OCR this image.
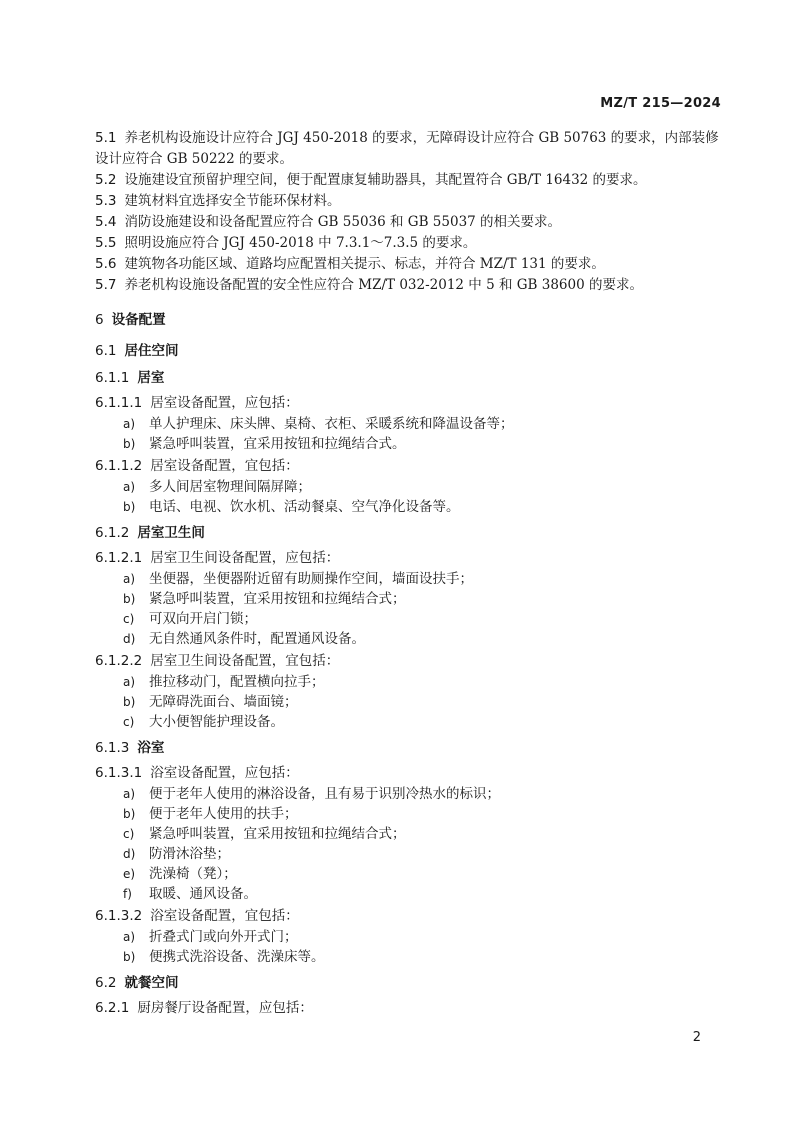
MZ/T 215—2024
5.1 养老机构设施设计应符合 JGJ 450-2018 的要求，无障碍设计应符合 GB 50763 的要求，内部装修
设计应符合 GB 50222 的要求。
5.2 设施建设宜预留护理空间，便于配置康复辅助器具，其配置符合 GB/T 16432 的要求。
5.3 建筑材料宜选择安全节能环保材料。
5.4 消防设施建设和设备配置应符合 GB 55036 和 GB 55037 的相关要求。
5.5 照明设施应符合 JGJ 450-2018 中 7.3.1～7.3.5 的要求。
5.6 建筑物各功能区域、道路均应配置相关提示、标志，并符合 MZ/T 131 的要求。
5.7 养老机构设施设备配置的安全性应符合 MZ/T 032-2012 中 5 和 GB 38600 的要求。
6 设备配置
6.1 居住空间
6.1.1 居室
6.1.1.1 居室设备配置，应包括：
a) 单人护理床、床头牌、桌椅、衣柜、采暖系统和降温设备等；
b) 紧急呼叫装置，宜采用按钮和拉绳结合式。
6.1.1.2 居室设备配置，宜包括：
a) 多人间居室物理间隔屏障；
b) 电话、电视、饮水机、活动餐桌、空气净化设备等。
6.1.2 居室卫生间
6.1.2.1 居室卫生间设备配置，应包括：
a) 坐便器，坐便器附近留有助厕操作空间，墙面设扶手；
b) 紧急呼叫装置，宜采用按钮和拉绳结合式；
c) 可双向开启门锁；
d) 无自然通风条件时，配置通风设备。
6.1.2.2 居室卫生间设备配置，宜包括：
a) 推拉移动门，配置横向拉手；
b) 无障碍洗面台、墙面镜；
c) 大小便智能护理设备。
6.1.3 浴室
6.1.3.1 浴室设备配置，应包括：
a) 便于老年人使用的淋浴设备，且有易于识别冷热水的标识；
b) 便于老年人使用的扶手；
c) 紧急呼叫装置，宜采用按钮和拉绳结合式；
d) 防滑沐浴垫；
e) 洗澡椅（凳）；
f) 取暖、通风设备。
6.1.3.2 浴室设备配置，宜包括：
a) 折叠式门或向外开式门；
b) 便携式洗浴设备、洗澡床等。
6.2 就餐空间
6.2.1 厨房餐厅设备配置，应包括：
2
